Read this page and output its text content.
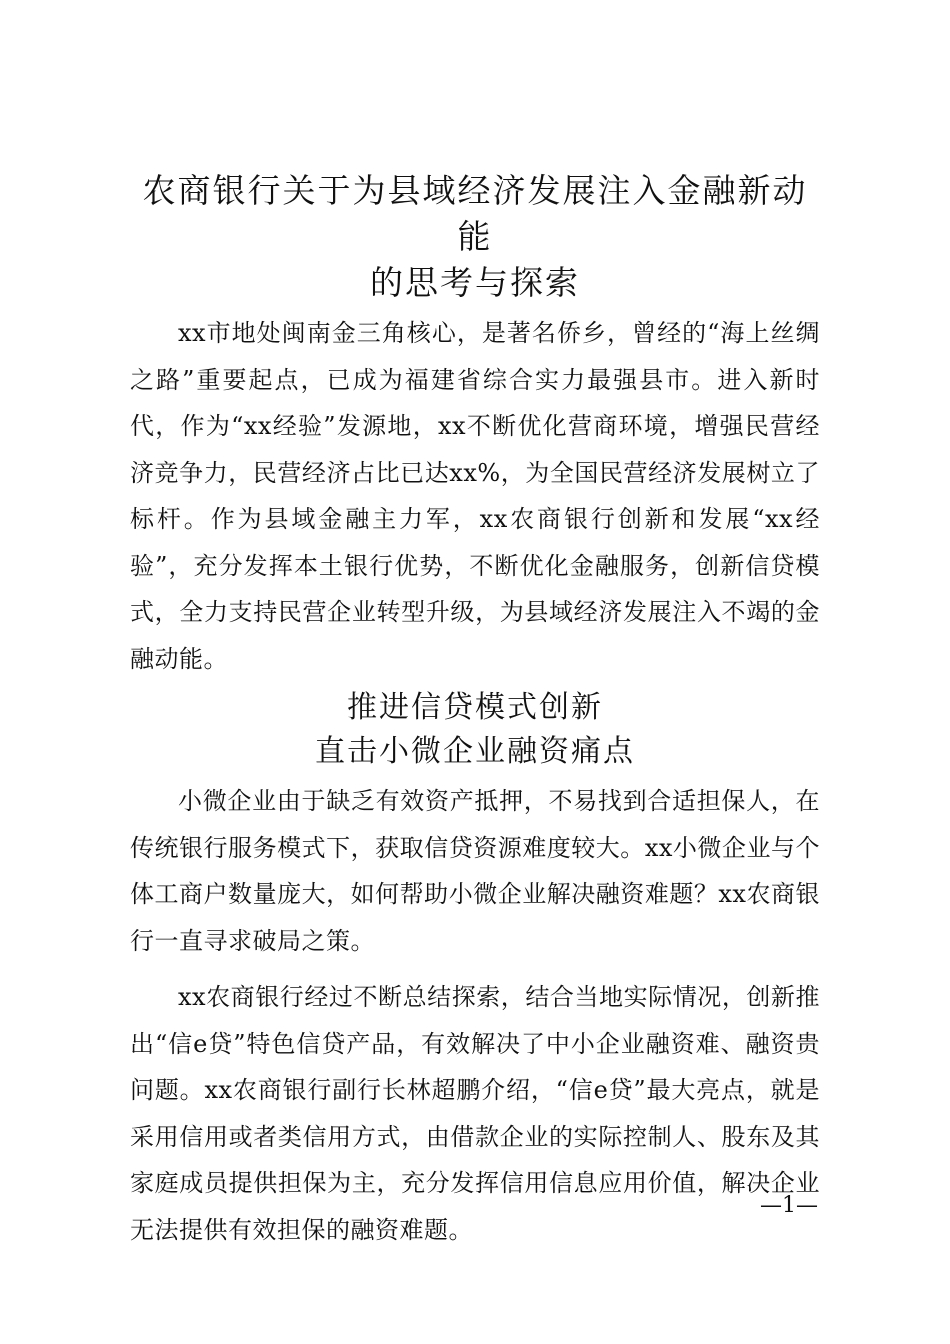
农商银行关于为县域经济发展注入金融新动能
的思考与探索

xx市地处闽南金三角核心，是著名侨乡，曾经的“海上丝绸之路”重要起点，已成为福建省综合实力最强县市。进入新时代，作为“xx经验”发源地，xx不断优化营商环境，增强民营经济竞争力，民营经济占比已达xx%，为全国民营经济发展树立了标杆。作为县域金融主力军，xx农商银行创新和发展“xx经验”，充分发挥本土银行优势，不断优化金融服务，创新信贷模式，全力支持民营企业转型升级，为县域经济发展注入不竭的金融动能。

推进信贷模式创新
直击小微企业融资痛点

小微企业由于缺乏有效资产抵押，不易找到合适担保人，在传统银行服务模式下，获取信贷资源难度较大。xx小微企业与个体工商户数量庞大，如何帮助小微企业解决融资难题？xx农商银行一直寻求破局之策。

xx农商银行经过不断总结探索，结合当地实际情况，创新推出“信e贷”特色信贷产品，有效解决了中小企业融资难、融资贵问题。xx农商银行副行长林超鹏介绍，“信e贷”最大亮点，就是采用信用或者类信用方式，由借款企业的实际控制人、股东及其家庭成员提供担保为主，充分发挥信用信息应用价值，解决企业无法提供有效担保的融资难题。

—1—
